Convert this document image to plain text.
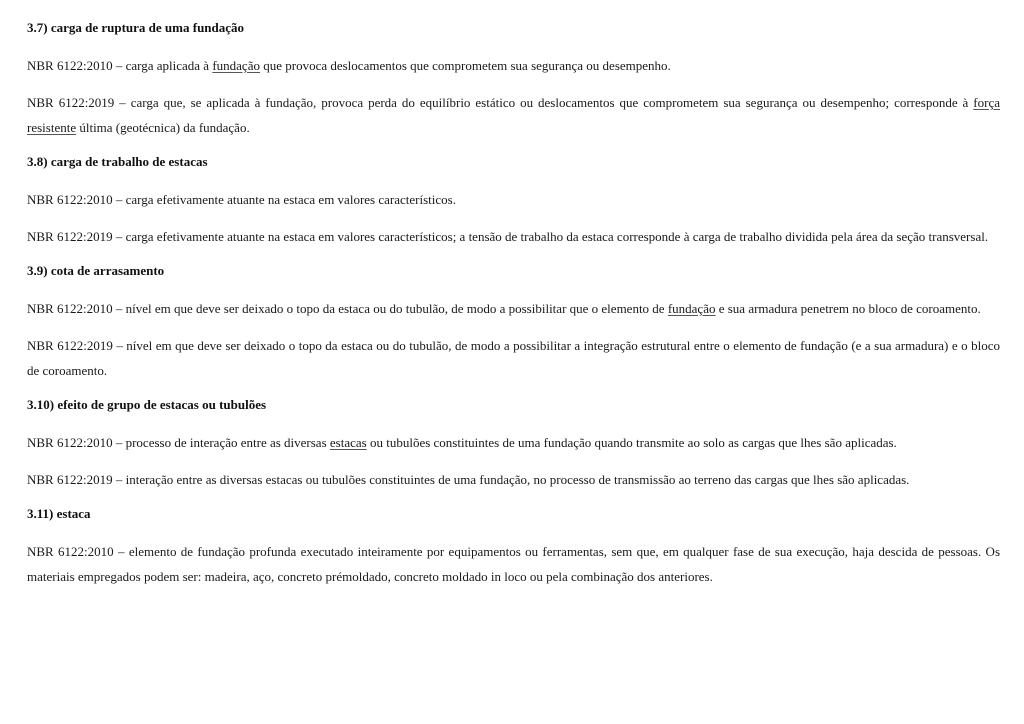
3.7) carga de ruptura de uma fundação

NBR 6122:2010 – carga aplicada à fundação que provoca deslocamentos que comprometem sua segurança ou desempenho.

NBR 6122:2019 – carga que, se aplicada à fundação, provoca perda do equilíbrio estático ou deslocamentos que comprometem sua segurança ou desempenho; corresponde à força resistente última (geotécnica) da fundação.

3.8) carga de trabalho de estacas

NBR 6122:2010 – carga efetivamente atuante na estaca em valores característicos.

NBR 6122:2019 – carga efetivamente atuante na estaca em valores característicos; a tensão de trabalho da estaca corresponde à carga de trabalho dividida pela área da seção transversal.

3.9) cota de arrasamento

NBR 6122:2010 – nível em que deve ser deixado o topo da estaca ou do tubulão, de modo a possibilitar que o elemento de fundação e sua armadura penetrem no bloco de coroamento.

NBR 6122:2019 – nível em que deve ser deixado o topo da estaca ou do tubulão, de modo a possibilitar a integração estrutural entre o elemento de fundação (e a sua armadura) e o bloco de coroamento.

3.10) efeito de grupo de estacas ou tubulões

NBR 6122:2010 – processo de interação entre as diversas estacas ou tubulões constituintes de uma fundação quando transmite ao solo as cargas que lhes são aplicadas.

NBR 6122:2019 – interação entre as diversas estacas ou tubulões constituintes de uma fundação, no processo de transmissão ao terreno das cargas que lhes são aplicadas.

3.11) estaca

NBR 6122:2010 – elemento de fundação profunda executado inteiramente por equipamentos ou ferramentas, sem que, em qualquer fase de sua execução, haja descida de pessoas. Os materiais empregados podem ser: madeira, aço, concreto prémoldado, concreto moldado in loco ou pela combinação dos anteriores.
